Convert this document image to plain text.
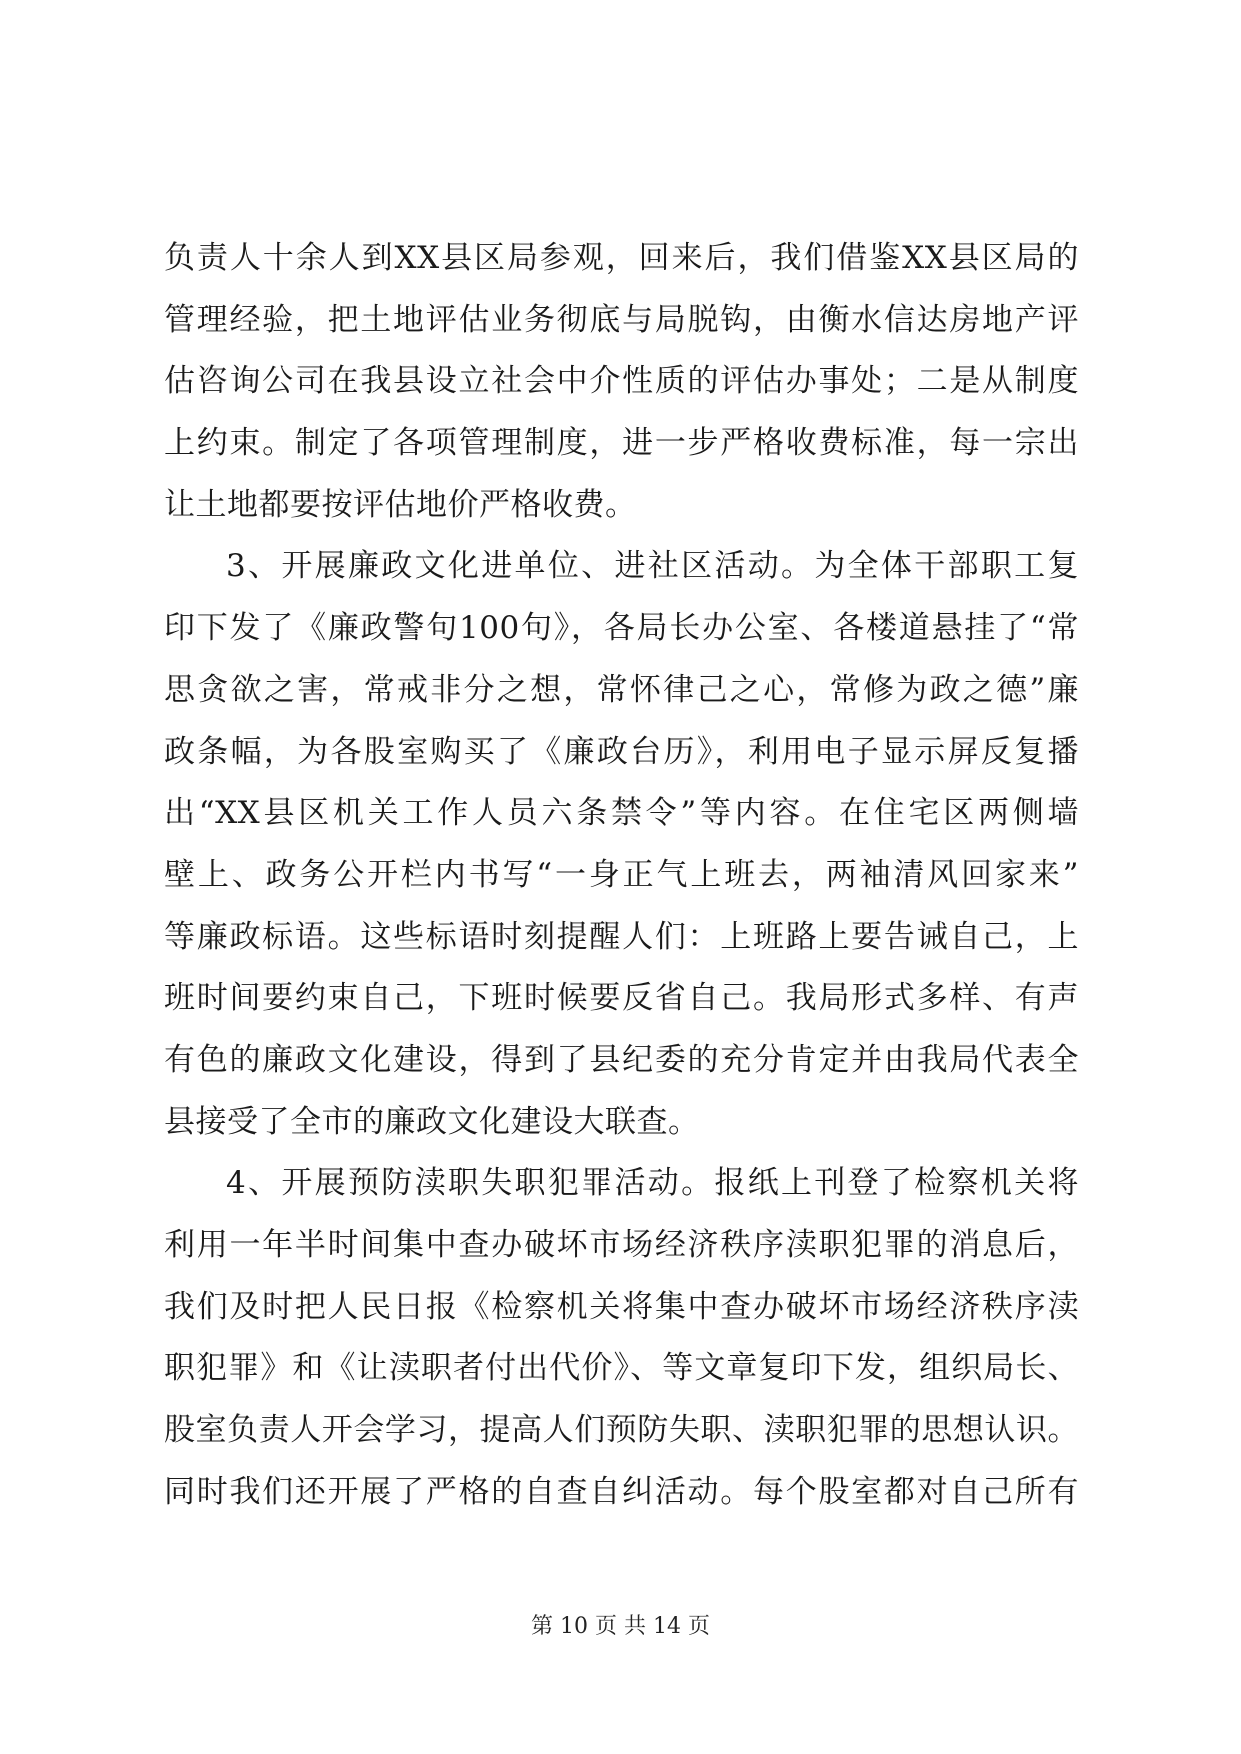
负责人十余人到XX县区局参观，回来后，我们借鉴XX县区局的
管理经验，把土地评估业务彻底与局脱钩，由衡水信达房地产评
估咨询公司在我县设立社会中介性质的评估办事处；二是从制度
上约束。制定了各项管理制度，进一步严格收费标准，每一宗出
让土地都要按评估地价严格收费。
3、开展廉政文化进单位、进社区活动。为全体干部职工复
印下发了《廉政警句100句》，各局长办公室、各楼道悬挂了“常
思贪欲之害，常戒非分之想，常怀律己之心，常修为政之德”廉
政条幅，为各股室购买了《廉政台历》，利用电子显示屏反复播
出“XX县区机关工作人员六条禁令”等内容。在住宅区两侧墙
壁上、政务公开栏内书写“一身正气上班去，两袖清风回家来”
等廉政标语。这些标语时刻提醒人们：上班路上要告诫自己，上
班时间要约束自己，下班时候要反省自己。我局形式多样、有声
有色的廉政文化建设，得到了县纪委的充分肯定并由我局代表全
县接受了全市的廉政文化建设大联查。
4、开展预防渎职失职犯罪活动。报纸上刊登了检察机关将
利用一年半时间集中查办破坏市场经济秩序渎职犯罪的消息后，
我们及时把人民日报《检察机关将集中查办破坏市场经济秩序渎
职犯罪》和《让渎职者付出代价》、等文章复印下发，组织局长、
股室负责人开会学习，提高人们预防失职、渎职犯罪的思想认识。
同时我们还开展了严格的自查自纠活动。每个股室都对自己所有
第 10 页 共 14 页
